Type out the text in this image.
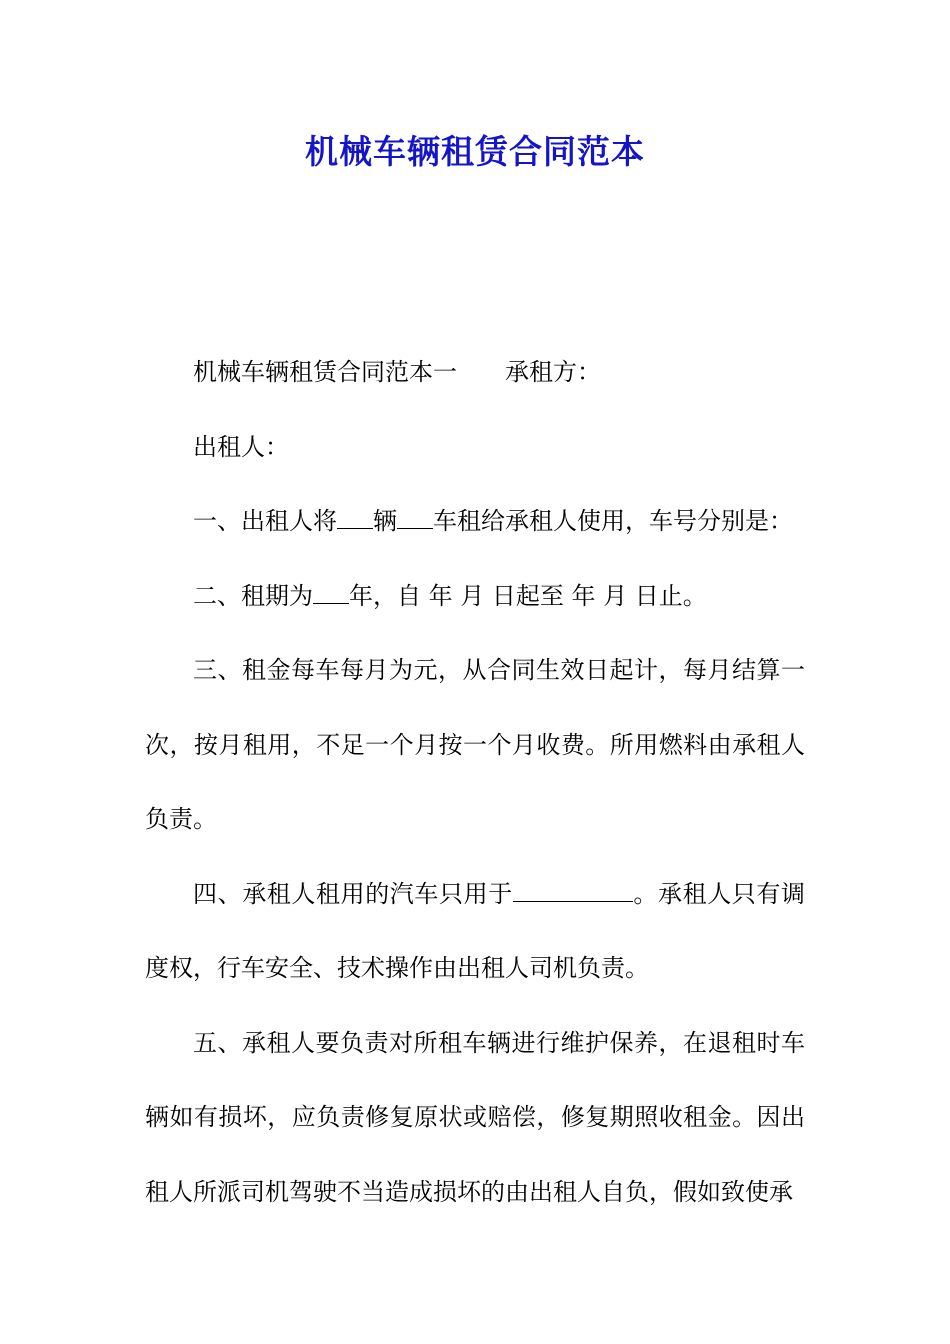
机械车辆租赁合同范本

机械车辆租赁合同范本一 承租方：

出租人：

一、出租人将 辆 车租给承租人使用，车号分别是：

二、租期为 年，自 年 月 日起至 年 月 日止。

三、租金每车每月为元，从合同生效日起计，每月结算一次，按月租用，不足一个月按一个月收费。所用燃料由承租人负责。

四、承租人租用的汽车只用于	。承租人只有调度权，行车安全、技术操作由出租人司机负责。

五、承租人要负责对所租车辆进行维护保养，在退租时车辆如有损坏，应负责修复原状或赔偿，修复期照收租金。因出租人所派司机驾驶不当造成损坏的由出租人自负，假如致使承
